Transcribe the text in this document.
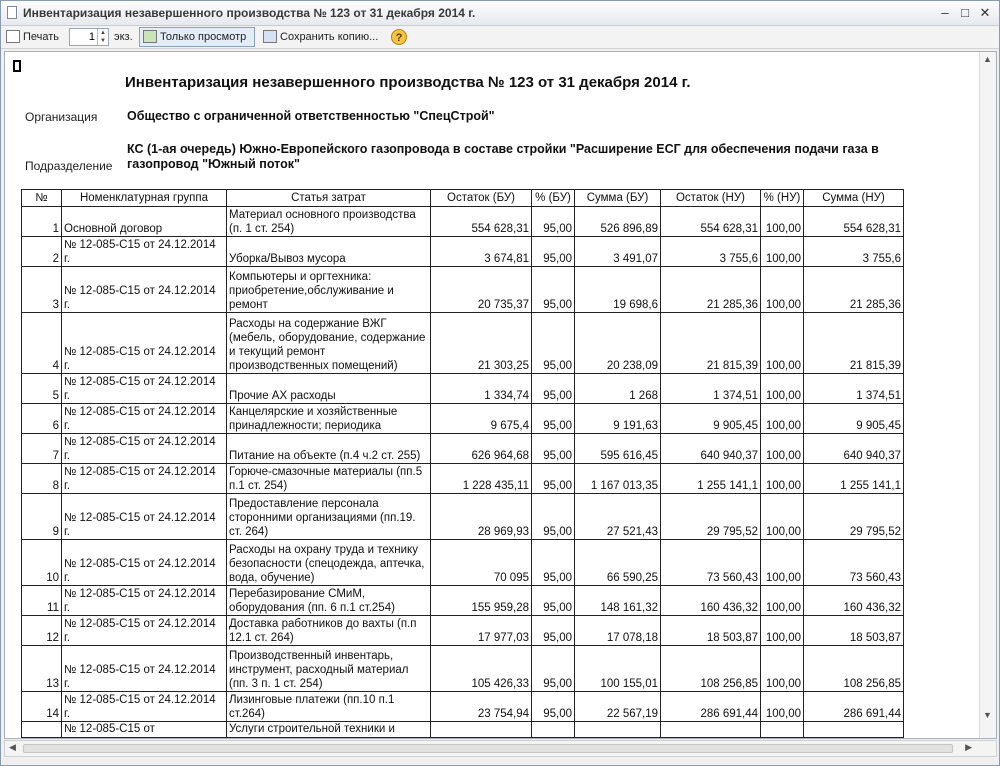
Инвентаризация незавершенного производства № 123 от 31 декабря 2014 г.	– □ ✕
Печать	1 ▲
▼ экз.	Только просмотр	Сохранить копию...	?
Инвентаризация незавершенного производства № 123 от 31 декабря 2014 г.
Организация Общество с ограниченной ответственностью "СпецСтрой"
Подразделение
КС (1-ая очередь) Южно-Европейского газопровода в составе стройки "Расширение ЕСГ для обеспечения подачи газа в газопровод "Южный поток"
№	Номенклатурная группа	Статья затрат	Остаток (БУ)	% (БУ)	Сумма (БУ)	Остаток (НУ)	% (НУ)	Сумма (НУ)
1	Основной договор	Материал основного производства (п. 1 ст. 254)	554 628,31	95,00	526 896,89	554 628,31	100,00	554 628,31
2	№ 12-085-С15 от 24.12.2014 г.	Уборка/Вывоз мусора	3 674,81	95,00	3 491,07	3 755,6	100,00	3 755,6
3	№ 12-085-С15 от 24.12.2014 г.	Компьютеры и оргтехника: приобретение,обслуживание и ремонт	20 735,37	95,00	19 698,6	21 285,36	100,00	21 285,36
4	№ 12-085-С15 от 24.12.2014 г.	Расходы на содержание ВЖГ (мебель, оборудование, содержание и текущий ремонт производственных помещений)	21 303,25	95,00	20 238,09	21 815,39	100,00	21 815,39
5	№ 12-085-С15 от 24.12.2014 г.	Прочие АХ расходы	1 334,74	95,00	1 268	1 374,51	100,00	1 374,51
6	№ 12-085-С15 от 24.12.2014 г.	Канцелярские и хозяйственные принадлежности; периодика	9 675,4	95,00	9 191,63	9 905,45	100,00	9 905,45
7	№ 12-085-С15 от 24.12.2014 г.	Питание на объекте (п.4 ч.2 ст. 255)	626 964,68	95,00	595 616,45	640 940,37	100,00	640 940,37
8	№ 12-085-С15 от 24.12.2014 г.	Горюче-смазочные материалы (пп.5 п.1 ст. 254)	1 228 435,11	95,00	1 167 013,35	1 255 141,1	100,00	1 255 141,1
9	№ 12-085-С15 от 24.12.2014 г.	Предоставление персонала сторонними организациями (пп.19. ст. 264)	28 969,93	95,00	27 521,43	29 795,52	100,00	29 795,52
10	№ 12-085-С15 от 24.12.2014 г.	Расходы на охрану труда и технику безопасности (спецодежда, аптечка, вода, обучение)	70 095	95,00	66 590,25	73 560,43	100,00	73 560,43
11	№ 12-085-С15 от 24.12.2014 г.	Перебазирование СМиМ, оборудования (пп. 6 п.1 ст.254)	155 959,28	95,00	148 161,32	160 436,32	100,00	160 436,32
12	№ 12-085-С15 от 24.12.2014 г.	Доставка работников до вахты (п.п 12.1 ст. 264)	17 977,03	95,00	17 078,18	18 503,87	100,00	18 503,87
13	№ 12-085-С15 от 24.12.2014 г.	Производственный инвентарь, инструмент, расходный материал (пп. 3 п. 1 ст. 254)	105 426,33	95,00	100 155,01	108 256,85	100,00	108 256,85
14	№ 12-085-С15 от 24.12.2014 г.	Лизинговые платежи (пп.10 п.1 ст.264)	23 754,94	95,00	22 567,19	286 691,44	100,00	286 691,44
	№ 12-085-С15 от	Услуги строительной техники и						
▲
▼
◀	▶
